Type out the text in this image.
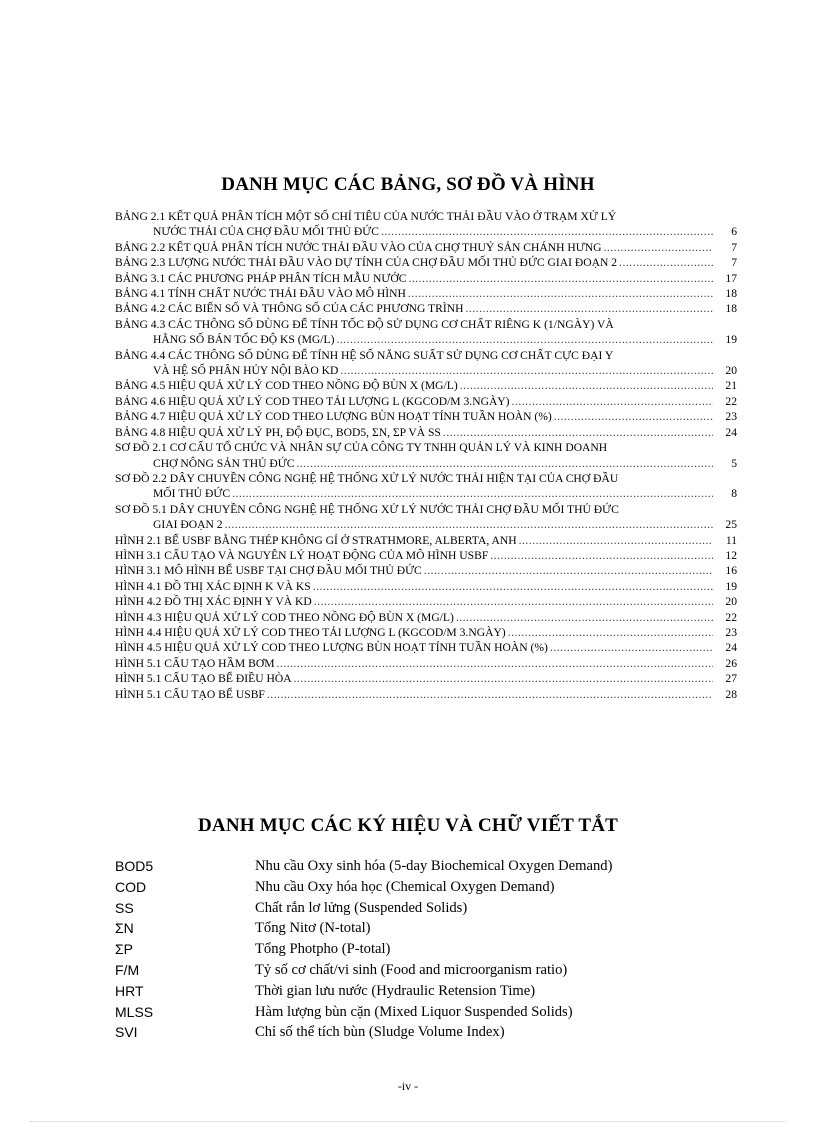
DANH MỤC CÁC BẢNG, SƠ ĐỒ VÀ HÌNH
BẢNG 2.1 KẾT QUẢ PHÂN TÍCH MỘT SỐ CHỈ TIÊU CỦA NƯỚC THẢI ĐẦU VÀO Ở TRẠM XỬ LÝ
NƯỚC THẢI CỦA CHỢ ĐẦU MỐI THỦ ĐỨC .....	6
BẢNG 2.2 KẾT QUẢ PHÂN TÍCH NƯỚC THẢI ĐẦU VÀO CỦA CHỢ THUỶ SẢN CHÁNH HƯNG .....	7
BẢNG 2.3 LƯỢNG NƯỚC THẢI ĐẦU VÀO DỰ TÍNH CỦA CHỢ ĐẦU MỐI THỦ ĐỨC GIAI ĐOẠN 2 .....	7
BẢNG 3.1 CÁC PHƯƠNG PHÁP PHÂN TÍCH MẪU NƯỚC .....	17
BẢNG 4.1 TÍNH CHẤT NƯỚC THẢI ĐẦU VÀO MÔ HÌNH .....	18
BẢNG 4.2 CÁC BIẾN SỐ VÀ THÔNG SỐ CỦA CÁC PHƯƠNG TRÌNH .....	18
BẢNG 4.3 CÁC THÔNG SỐ DÙNG ĐỂ TÍNH TỐC ĐỘ SỬ DỤNG CƠ CHẤT RIÊNG K (1/NGÀY) VÀ
HẰNG SỐ BÁN TỐC ĐỘ KS (MG/L) .....	19
BẢNG 4.4 CÁC THÔNG SỐ DÙNG ĐỂ TÍNH HỆ SỐ NĂNG SUẤT SỬ DỤNG CƠ CHẤT CỰC ĐẠI Y
VÀ HỆ SỐ PHÂN HỦY NỘI BÀO KD .....	20
BẢNG 4.5 HIỆU QUẢ XỬ LÝ COD THEO NỒNG ĐỘ BÙN X (MG/L) .....	21
BẢNG 4.6 HIỆU QUẢ XỬ LÝ COD THEO TẢI LƯỢNG L (KGCOD/M 3.NGÀY) .....	22
BẢNG 4.7 HIỆU QUẢ XỬ LÝ COD THEO LƯỢNG BÙN HOẠT TÍNH TUẦN HOÀN (%) .....	23
BẢNG 4.8 HIỆU QUẢ XỬ LÝ PH, ĐỘ ĐỤC, BOD5, ΣN, ΣP VÀ SS .....	24
SƠ ĐỒ 2.1 CƠ CẤU TỔ CHỨC VÀ NHÂN SỰ CỦA CÔNG TY TNHH QUẢN LÝ VÀ KINH DOANH
CHỢ NÔNG SẢN THỦ ĐỨC .....	5
SƠ ĐỒ 2.2 DÂY CHUYỀN CÔNG NGHỆ HỆ THỐNG XỬ LÝ NƯỚC THẢI HIỆN TẠI CỦA CHỢ ĐẦU
MỐI THỦ ĐỨC .....	8
SƠ ĐỒ 5.1 DÂY CHUYỀN CÔNG NGHỆ HỆ THỐNG XỬ LÝ NƯỚC THẢI CHỢ ĐẦU MỐI THỦ ĐỨC
GIAI ĐOẠN 2 .....	25
HÌNH 2.1 BỂ USBF BẰNG THÉP KHÔNG GỈ Ở STRATHMORE, ALBERTA, ANH .....	11
HÌNH 3.1 CẤU TẠO VÀ NGUYÊN LÝ HOẠT ĐỘNG CỦA MÔ HÌNH USBF .....	12
HÌNH 3.1 MÔ HÌNH BỂ USBF TẠI CHỢ ĐẦU MỐI THỦ ĐỨC .....	16
HÌNH 4.1 ĐỒ THỊ XÁC ĐỊNH K VÀ KS .....	19
HÌNH 4.2 ĐỒ THỊ XÁC ĐỊNH Y VÀ KD .....	20
HÌNH 4.3 HIỆU QUẢ XỬ LÝ COD THEO NỒNG ĐỘ BÙN X (MG/L) .....	22
HÌNH 4.4 HIỆU QUẢ XỬ LÝ COD THEO TẢI LƯỢNG L (KGCOD/M 3.NGÀY) .....	23
HÌNH 4.5 HIỆU QUẢ XỬ LÝ COD THEO LƯỢNG BÙN HOẠT TÍNH TUẦN HOÀN (%) .....	24
HÌNH 5.1 CẤU TẠO HẦM BƠM .....	26
HÌNH 5.1 CẤU TẠO BỂ ĐIỀU HÒA .....	27
HÌNH 5.1 CẤU TẠO BỂ USBF .....	28
DANH MỤC CÁC KÝ HIỆU VÀ CHỮ VIẾT TẮT
BOD5	Nhu cầu Oxy sinh hóa (5-day Biochemical Oxygen Demand)
COD	Nhu cầu Oxy hóa học (Chemical Oxygen Demand)
SS	Chất rắn lơ lửng (Suspended Solids)
ΣN	Tổng Nitơ (N-total)
ΣP	Tổng Photpho (P-total)
F/M	Tỷ số cơ chất/vi sinh (Food and microorganism ratio)
HRT	Thời gian lưu nước (Hydraulic Retension Time)
MLSS	Hàm lượng bùn cặn (Mixed Liquor Suspended Solids)
SVI	Chỉ số thể tích bùn (Sludge Volume Index)
-iv -
